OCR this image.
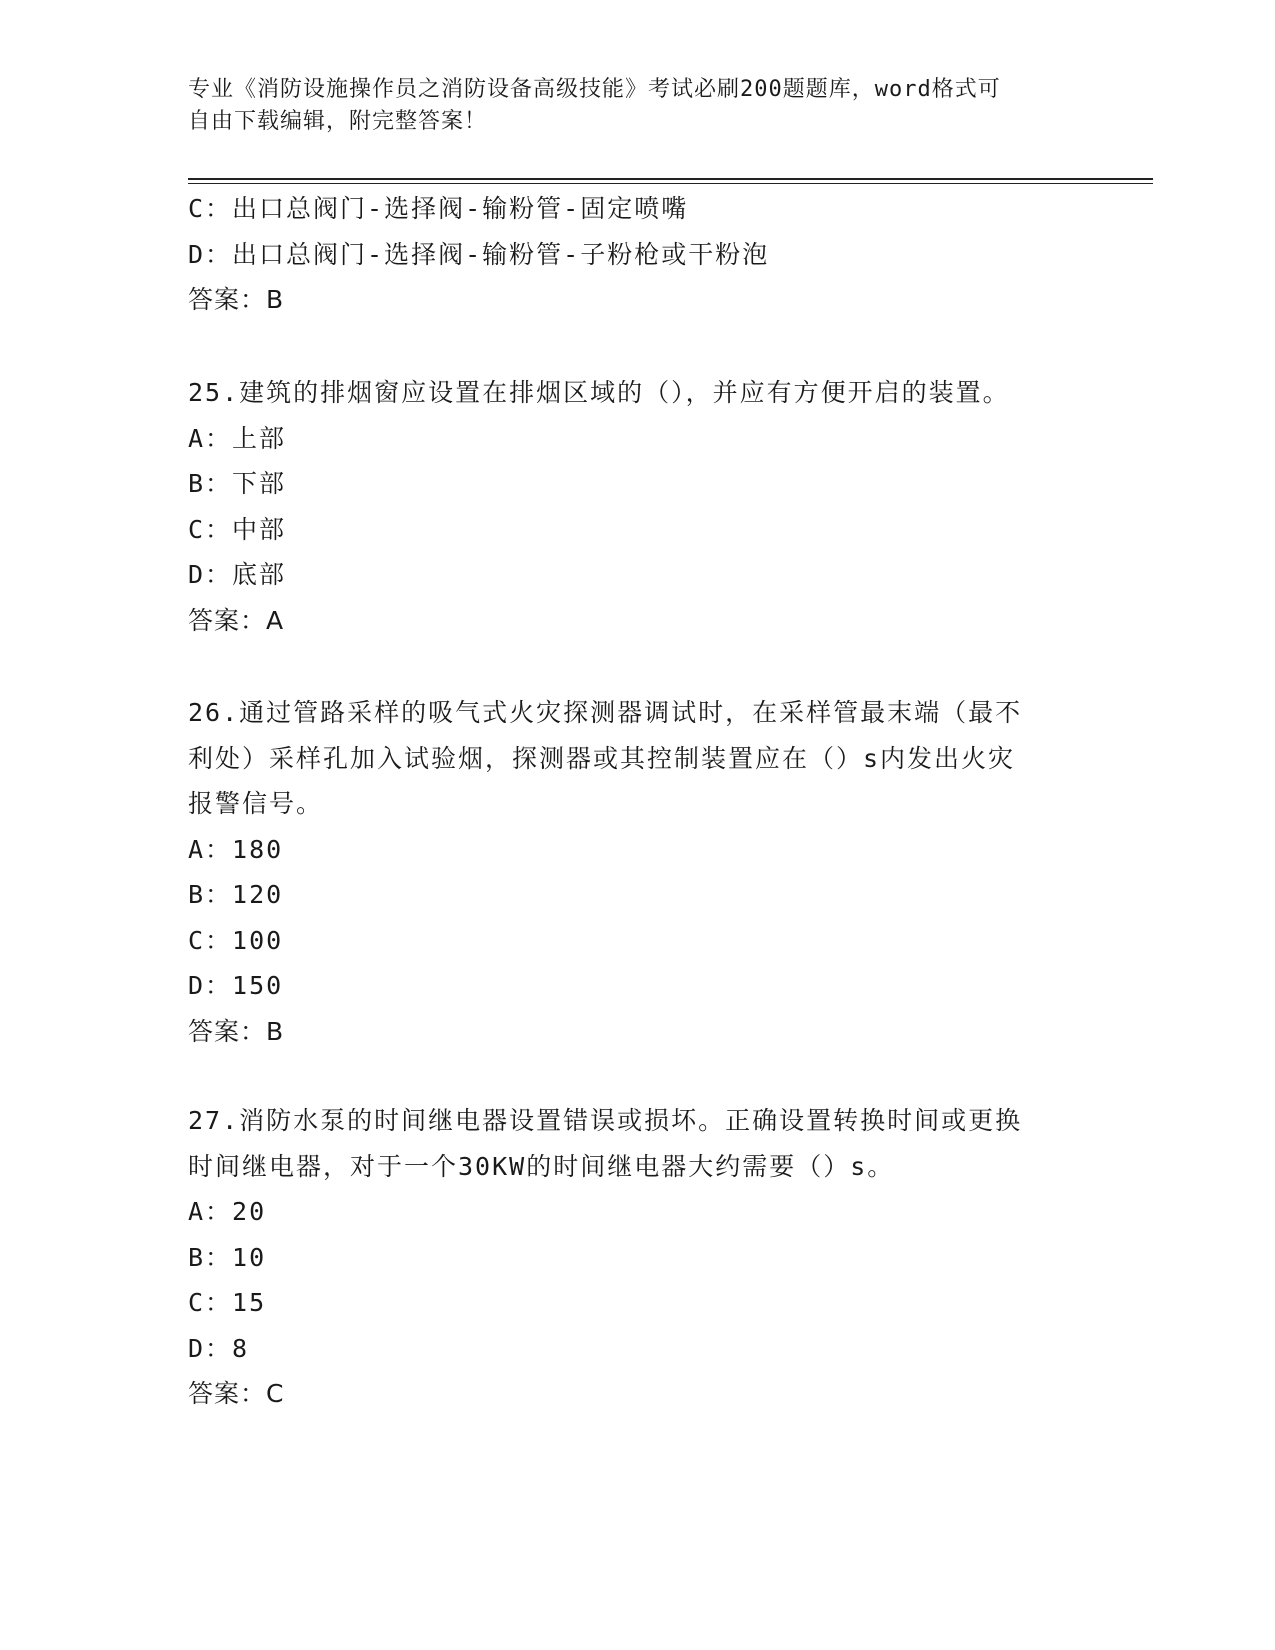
专业《消防设施操作员之消防设备高级技能》考试必刷200题题库，word格式可
自由下载编辑，附完整答案！
C：出口总阀门-选择阀-输粉管-固定喷嘴
D：出口总阀门-选择阀-输粉管-子粉枪或干粉泡
答案：B
25.建筑的排烟窗应设置在排烟区域的（），并应有方便开启的装置。
A：上部
B：下部
C：中部
D：底部
答案：A
26.通过管路采样的吸气式火灾探测器调试时，在采样管最末端（最不
利处）采样孔加入试验烟，探测器或其控制装置应在（）s内发出火灾
报警信号。
A：180
B：120
C：100
D：150
答案：B
27.消防水泵的时间继电器设置错误或损坏。正确设置转换时间或更换
时间继电器，对于一个30KW的时间继电器大约需要（）s。
A：20
B：10
C：15
D：8
答案：C
